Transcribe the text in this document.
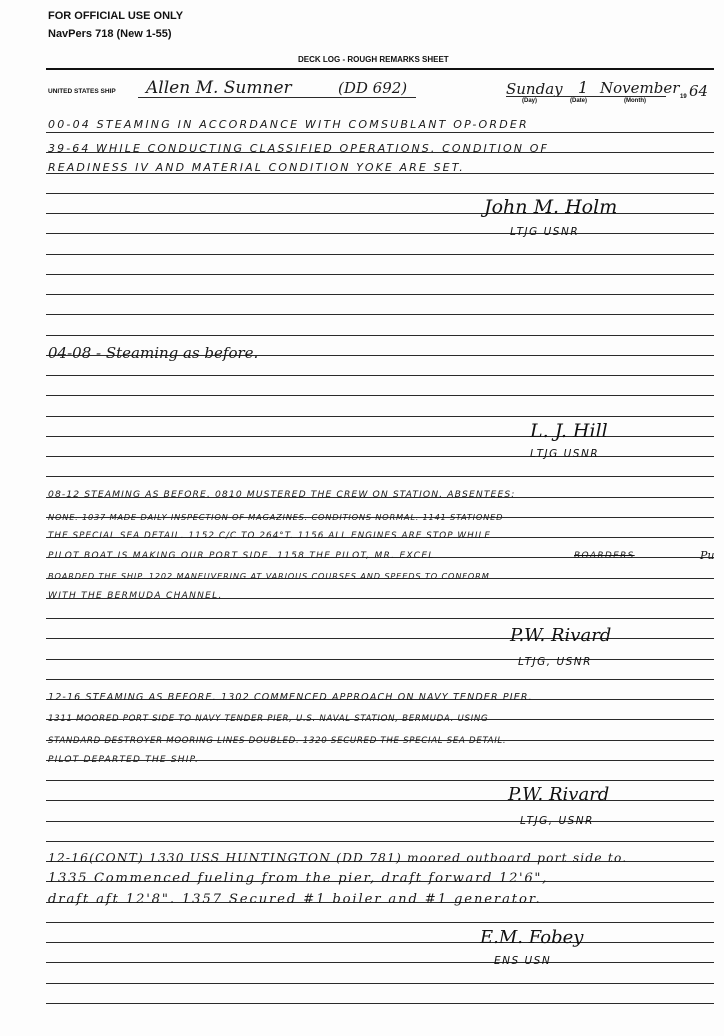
FOR OFFICIAL USE ONLY
NavPers 718 (New 1-55)
DECK LOG - ROUGH REMARKS SHEET
UNITED STATES SHIP Allen M. Sumner	(DD 692)	Sunday 1 November
(Day)	(Date)	(Month)
19 64
00-04 STEAMING IN ACCORDANCE WITH COMSUBLANT OP-ORDER
39-64 WHILE CONDUCTING CLASSIFIED OPERATIONS. CONDITION OF
READINESS IV AND MATERIAL CONDITION YOKE ARE SET.
John M. Holm
LTJG USNR
04-08 - Steaming as before.
L. J. Hill
LTJG USNR
08-12 STEAMING AS BEFORE. 0810 MUSTERED THE CREW ON STATION. ABSENTEES:
NONE. 1037 MADE DAILY INSPECTION OF MAGAZINES. CONDITIONS NORMAL. 1141 STATIONED
THE SPECIAL SEA DETAIL. 1152 C/C TO 264°T. 1156 ALL ENGINES ARE STOP WHILE
PILOT BOAT IS MAKING OUR PORT SIDE. 1158 THE PILOT, MR. EXCEL	BOARDERS	Pu
BOARDED THE SHIP. 1202 MANEUVERING AT VARIOUS COURSES AND SPEEDS TO CONFORM
WITH THE BERMUDA CHANNEL.
P.W. Rivard
LTJG, USNR
12-16 STEAMING AS BEFORE. 1302 COMMENCED APPROACH ON NAVY TENDER PIER.
1311 MOORED PORT SIDE TO NAVY TENDER PIER, U.S. NAVAL STATION, BERMUDA. USING
STANDARD DESTROYER MOORING LINES DOUBLED. 1320 SECURED THE SPECIAL SEA DETAIL.
PILOT DEPARTED THE SHIP.
P.W. Rivard
LTJG, USNR
12-16(CONT) 1330 USS HUNTINGTON (DD 781) moored outboard port side to.
1335 Commenced fueling from the pier, draft forward 12'6",
draft aft 12'8". 1357 Secured #1 boiler and #1 generator.
E.M. Fobey
ENS USN
